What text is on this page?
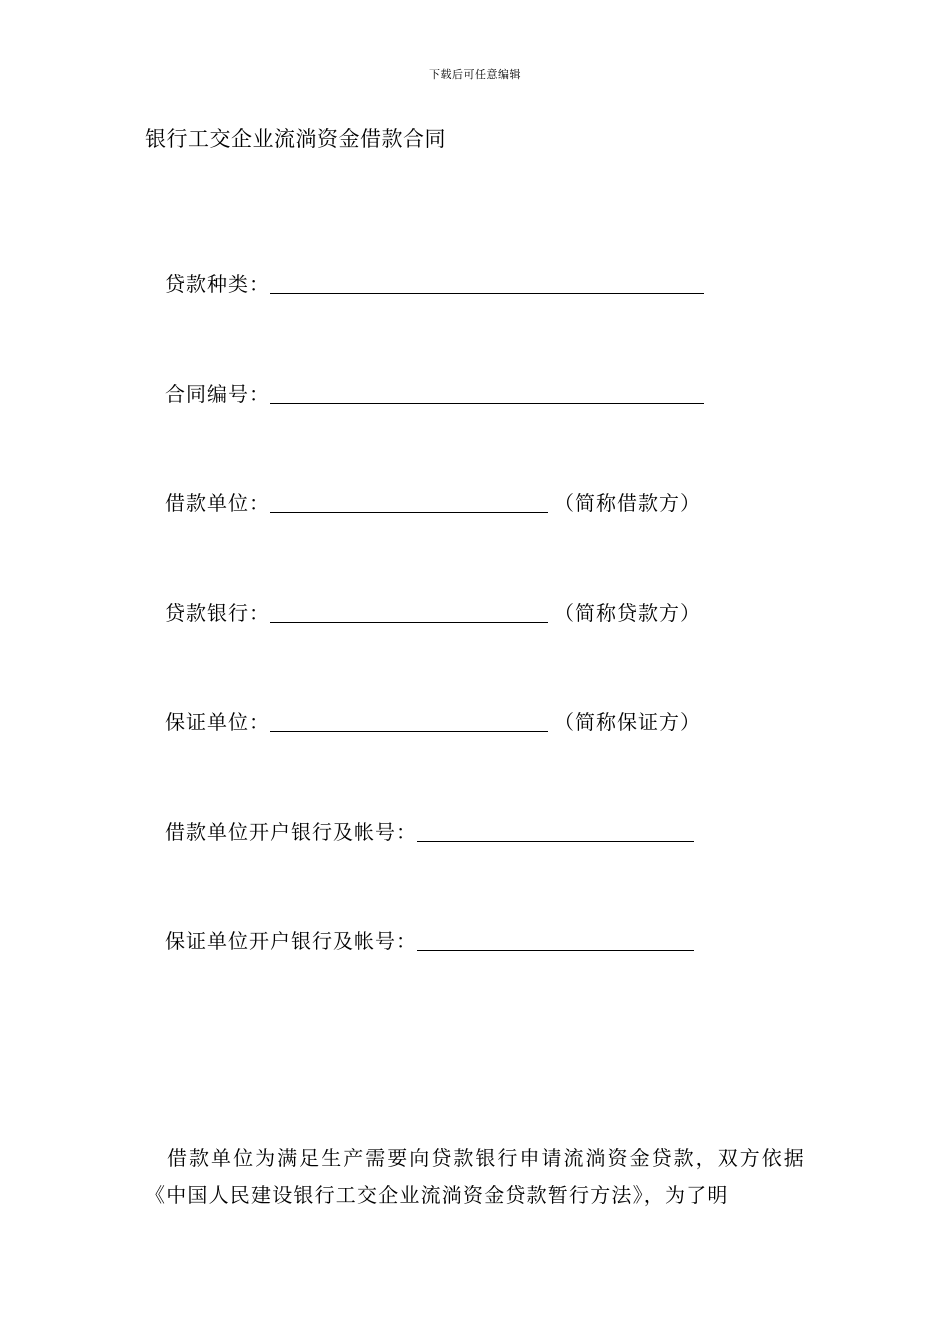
下载后可任意编辑
银行工交企业流淌资金借款合同
贷款种类：
合同编号：
借款单位：	（简称借款方）
贷款银行：	（简称贷款方）
保证单位：	（简称保证方）
借款单位开户银行及帐号：
保证单位开户银行及帐号：
借款单位为满足生产需要向贷款银行申请流淌资金贷款，双方依据《中国人民建设银行工交企业流淌资金贷款暂行方法》，为了明
